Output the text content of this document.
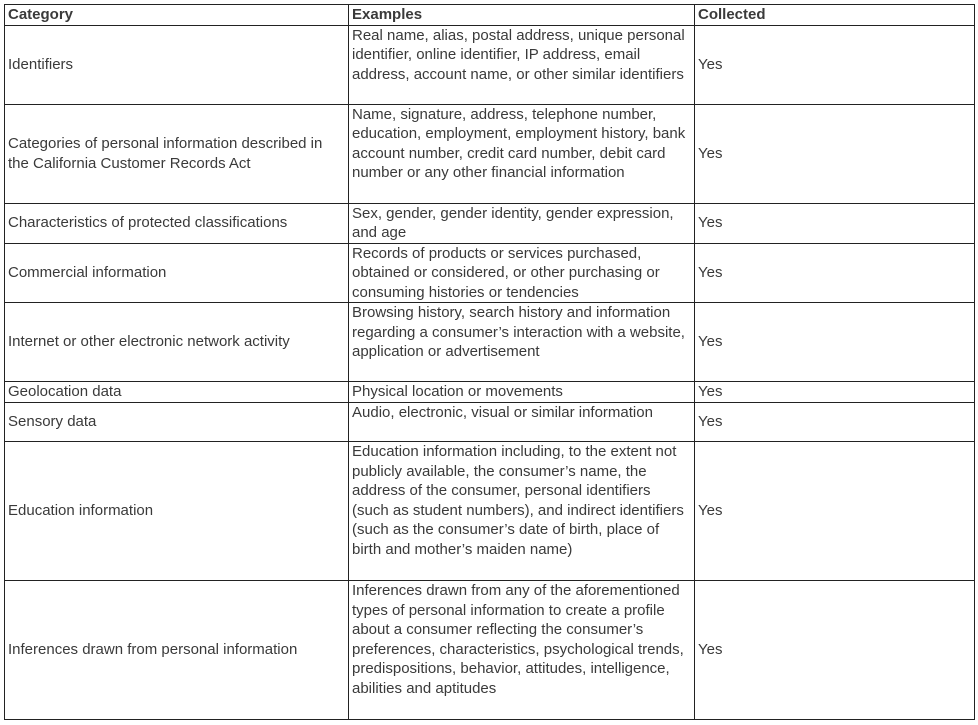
Category	Examples	Collected
Identifiers	Real name, alias, postal address, unique personal identifier, online identifier, IP address, email address, account name, or other similar identifiers	Yes
Categories of personal information described in the California Customer Records Act	Name, signature, address, telephone number, education, employment, employment history, bank account number, credit card number, debit card number or any other financial information	Yes
Characteristics of protected classifications	Sex, gender, gender identity, gender expression, and age	Yes
Commercial information	Records of products or services purchased, obtained or considered, or other purchasing or consuming histories or tendencies	Yes
Internet or other electronic network activity	Browsing history, search history and information regarding a consumer’s interaction with a website, application or advertisement	Yes
Geolocation data	Physical location or movements	Yes
Sensory data	Audio, electronic, visual or similar information	Yes
Education information	Education information including, to the extent not publicly available, the consumer’s name, the address of the consumer, personal identifiers (such as student numbers), and indirect identifiers (such as the consumer’s date of birth, place of birth and mother’s maiden name)	Yes
Inferences drawn from personal information	Inferences drawn from any of the aforementioned types of personal information to create a profile about a consumer reflecting the consumer’s preferences, characteristics, psychological trends, predispositions, behavior, attitudes, intelligence, abilities and aptitudes	Yes
